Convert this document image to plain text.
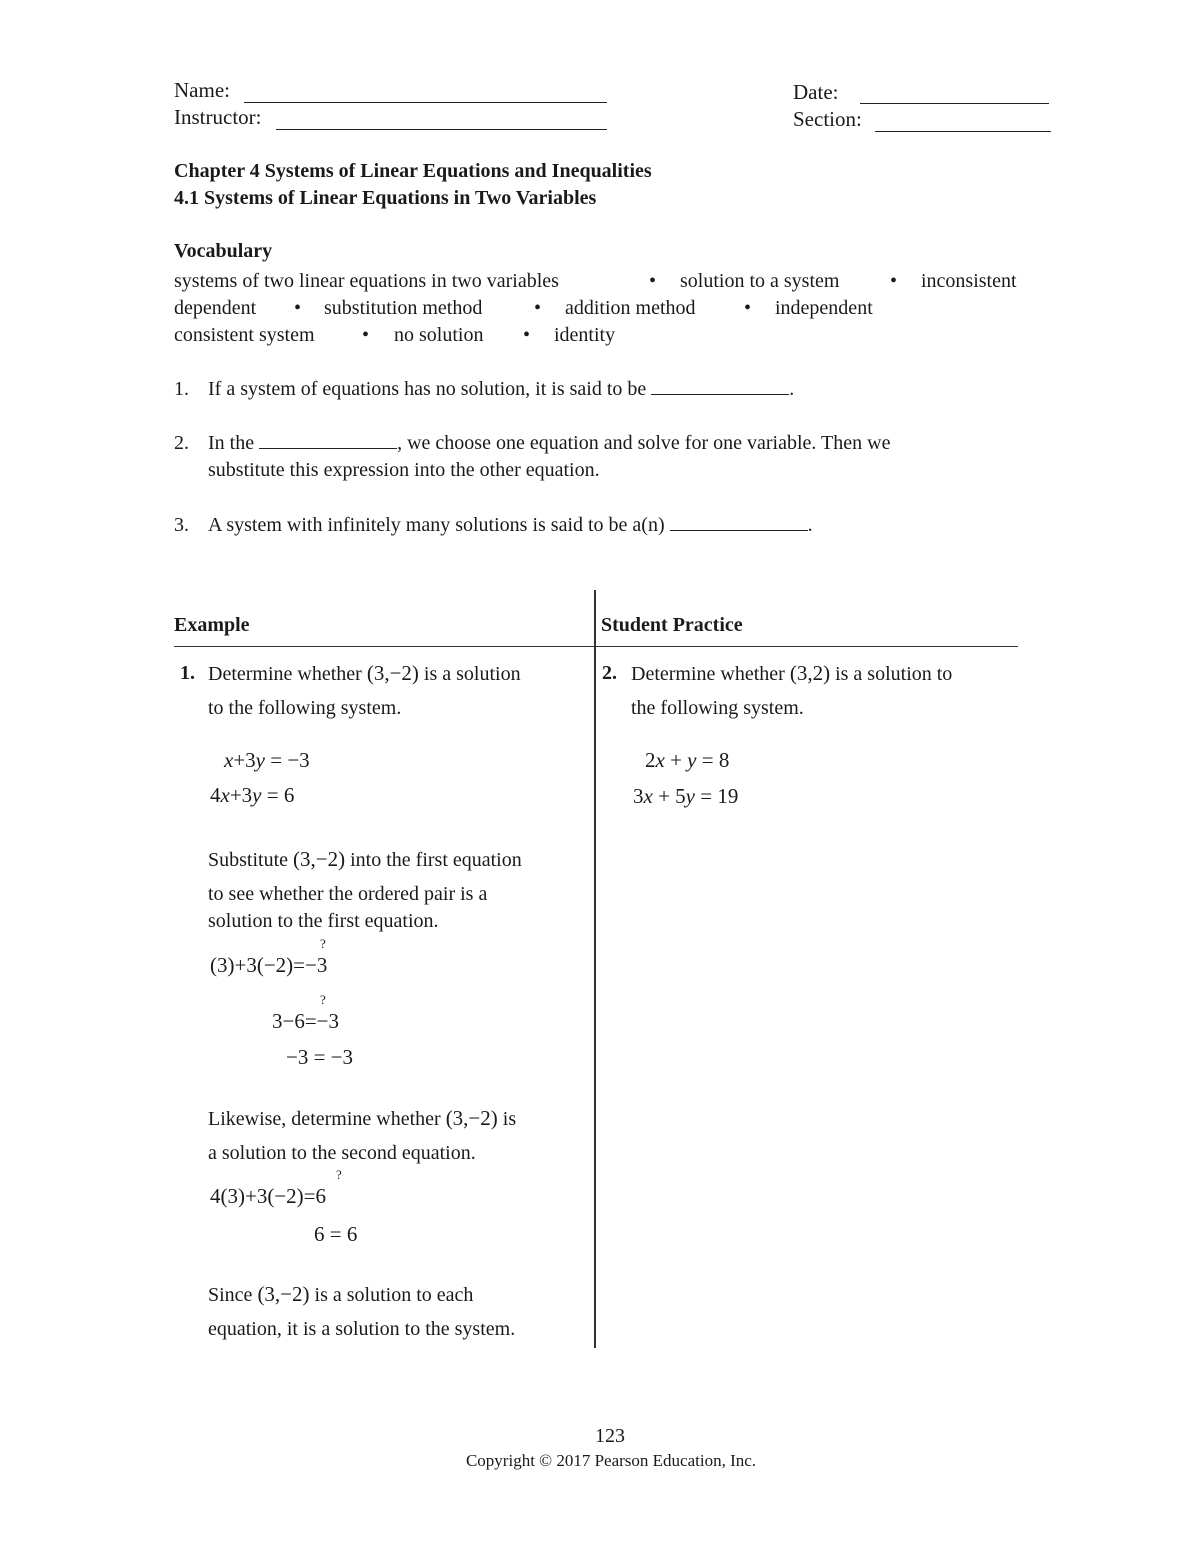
Name:
Instructor:
Date:
Section:
Chapter 4 Systems of Linear Equations and Inequalities
4.1 Systems of Linear Equations in Two Variables
Vocabulary
systems of two linear equations in two variables	• solution to a system	• inconsistent
dependent • substitution method	• addition method • independent
consistent system • no solution • identity
1. If a system of equations has no solution, it is said to be	.
2. In the	, we choose one equation and solve for one variable. Then we
substitute this expression into the other equation.
3. A system with infinitely many solutions is said to be a(n)	.
Example	Student Practice
1. Determine whether (3,−2) is a solution
to the following system.
x+3y = −3
4x+3y = 6
Substitute (3,−2) into the first equation
to see whether the ordered pair is a
solution to the first equation.
?
(3)+3(−2)=−3
?
3−6=−3
−3 = −3
Likewise, determine whether (3,−2) is
a solution to the second equation.
?
4(3)+3(−2)=6
6 = 6
Since (3,−2) is a solution to each
equation, it is a solution to the system.
2. Determine whether (3,2) is a solution to
the following system.
2x + y = 8
3x + 5y = 19
123
Copyright © 2017 Pearson Education, Inc.
